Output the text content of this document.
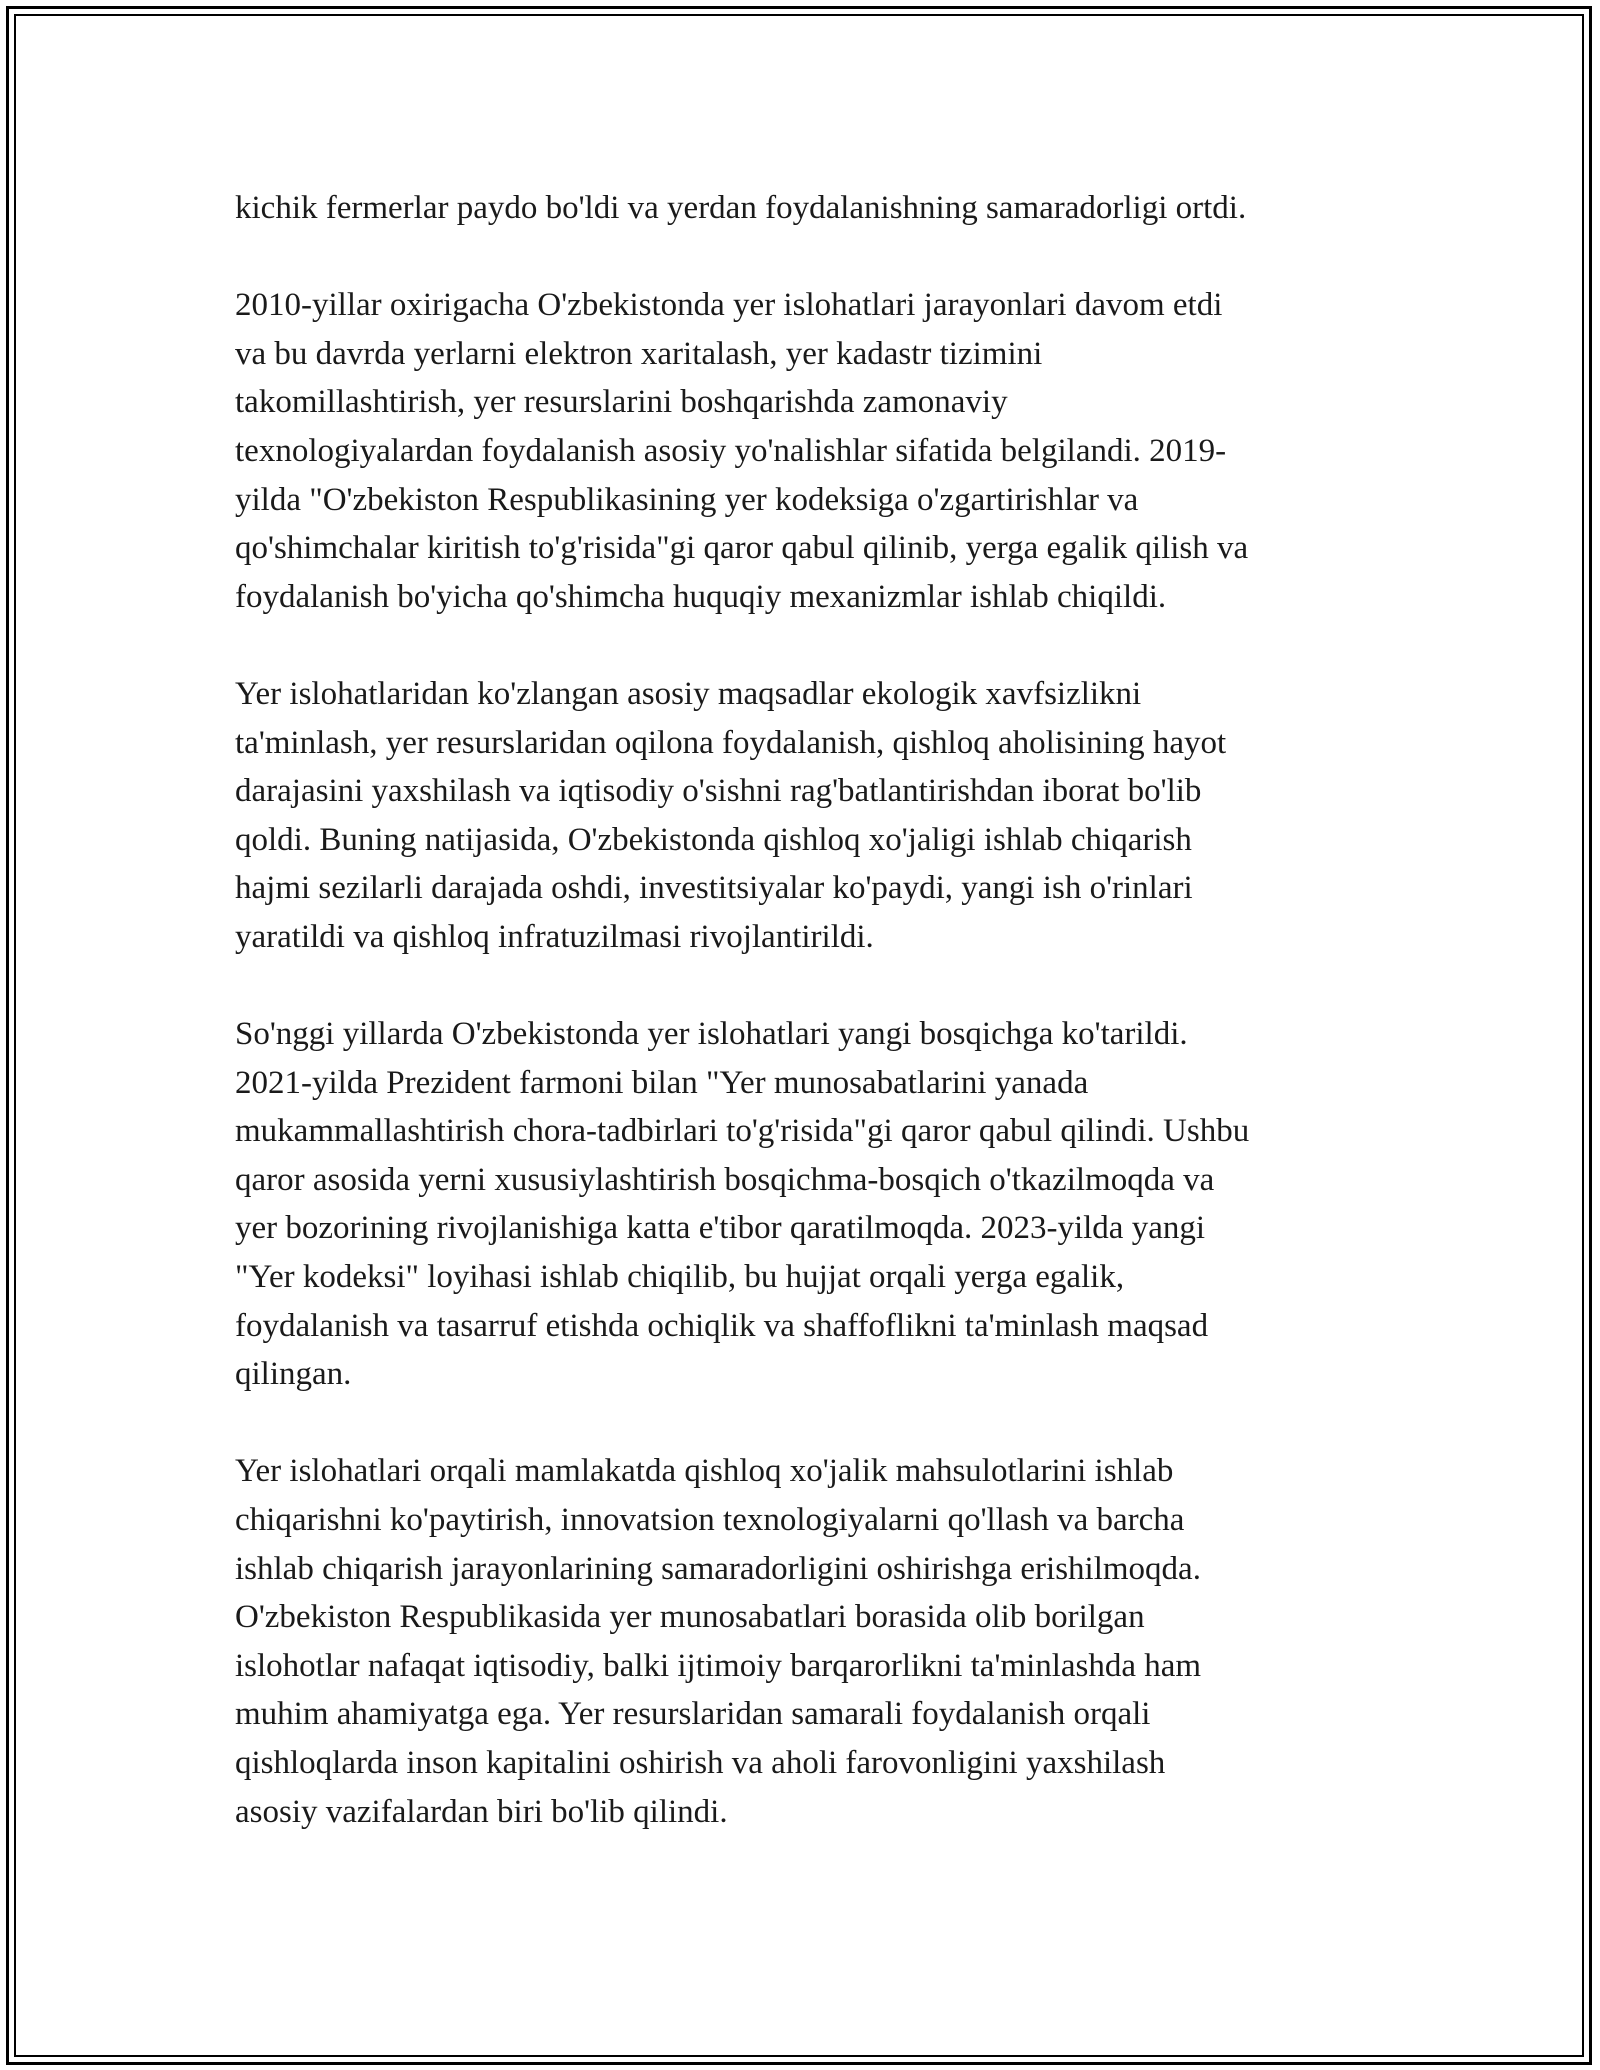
kichik fermerlar paydo bo'ldi va yerdan foydalanishning samaradorligi ortdi.
2010-yillar oxirigacha O'zbekistonda yer islohatlari jarayonlari davom etdi
va bu davrda yerlarni elektron xaritalash, yer kadastr tizimini
takomillashtirish, yer resurslarini boshqarishda zamonaviy
texnologiyalardan foydalanish asosiy yo'nalishlar sifatida belgilandi. 2019-
yilda "O'zbekiston Respublikasining yer kodeksiga o'zgartirishlar va
qo'shimchalar kiritish to'g'risida"gi qaror qabul qilinib, yerga egalik qilish va
foydalanish bo'yicha qo'shimcha huquqiy mexanizmlar ishlab chiqildi.
Yer islohatlaridan ko'zlangan asosiy maqsadlar ekologik xavfsizlikni
ta'minlash, yer resurslaridan oqilona foydalanish, qishloq aholisining hayot
darajasini yaxshilash va iqtisodiy o'sishni rag'batlantirishdan iborat bo'lib
qoldi. Buning natijasida, O'zbekistonda qishloq xo'jaligi ishlab chiqarish
hajmi sezilarli darajada oshdi, investitsiyalar ko'paydi, yangi ish o'rinlari
yaratildi va qishloq infratuzilmasi rivojlantirildi.
So'nggi yillarda O'zbekistonda yer islohatlari yangi bosqichga ko'tarildi.
2021-yilda Prezident farmoni bilan "Yer munosabatlarini yanada
mukammallashtirish chora-tadbirlari to'g'risida"gi qaror qabul qilindi. Ushbu
qaror asosida yerni xususiylashtirish bosqichma-bosqich o'tkazilmoqda va
yer bozorining rivojlanishiga katta e'tibor qaratilmoqda. 2023-yilda yangi
"Yer kodeksi" loyihasi ishlab chiqilib, bu hujjat orqali yerga egalik,
foydalanish va tasarruf etishda ochiqlik va shaffoflikni ta'minlash maqsad
qilingan.
Yer islohatlari orqali mamlakatda qishloq xo'jalik mahsulotlarini ishlab
chiqarishni ko'paytirish, innovatsion texnologiyalarni qo'llash va barcha
ishlab chiqarish jarayonlarining samaradorligini oshirishga erishilmoqda.
O'zbekiston Respublikasida yer munosabatlari borasida olib borilgan
islohotlar nafaqat iqtisodiy, balki ijtimoiy barqarorlikni ta'minlashda ham
muhim ahamiyatga ega. Yer resurslaridan samarali foydalanish orqali
qishloqlarda inson kapitalini oshirish va aholi farovonligini yaxshilash
asosiy vazifalardan biri bo'lib qilindi.
